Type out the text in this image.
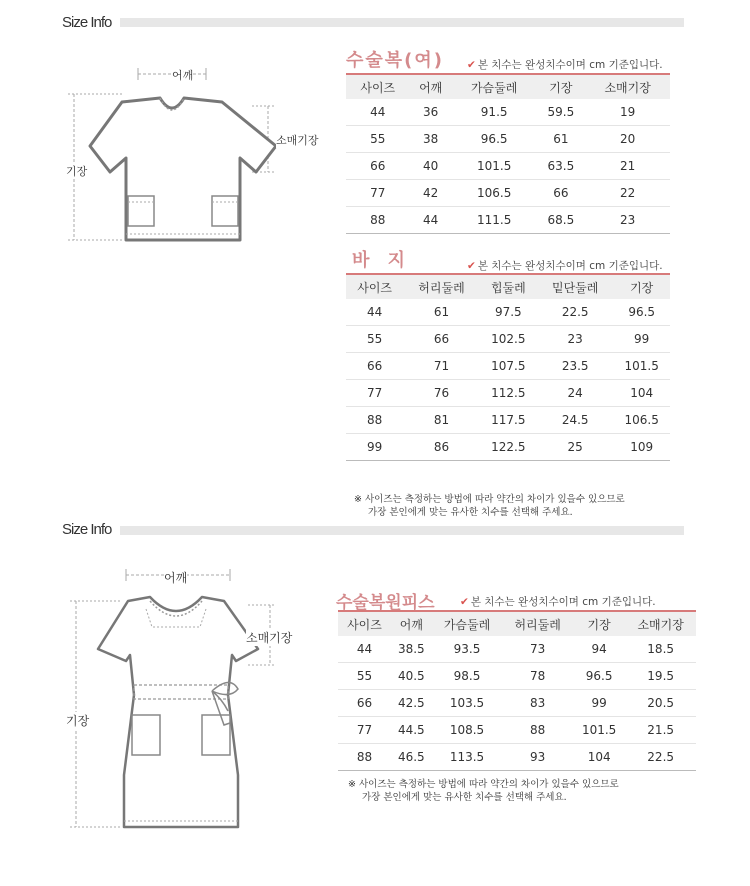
Size Info
어깨
소매기장
기장
수술복(여) ✔ 본 치수는 완성치수이며 cm 기준입니다.
사이즈	어깨	가슴둘레	기장	소매기장
44	36	91.5	59.5	19
55	38	96.5	61	20
66	40	101.5	63.5	21
77	42	106.5	66	22
88	44	111.5	68.5	23
바 지	✔ 본 치수는 완성치수이며 cm 기준입니다.
사이즈	허리둘레	힙둘레	밑단둘레	기장
44	61	97.5	22.5	96.5
55	66	102.5	23	99
66	71	107.5	23.5	101.5
77	76	112.5	24	104
88	81	117.5	24.5	106.5
99	86	122.5	25	109
※ 사이즈는 측정하는 방법에 따라 약간의 차이가 있을수 있으므로
가장 본인에게 맞는 유사한 치수를 선택해 주세요.
Size Info
어깨
소매기장
기장
수술복원피스 ✔ 본 치수는 완성치수이며 cm 기준입니다.
사이즈	어깨	가슴둘레	허리둘레	기장	소매기장
44	38.5	93.5	73	94	18.5
55	40.5	98.5	78	96.5	19.5
66	42.5	103.5	83	99	20.5
77	44.5	108.5	88	101.5	21.5
88	46.5	113.5	93	104	22.5
※ 사이즈는 측정하는 방법에 따라 약간의 차이가 있을수 있으므로
가장 본인에게 맞는 유사한 치수를 선택해 주세요.
